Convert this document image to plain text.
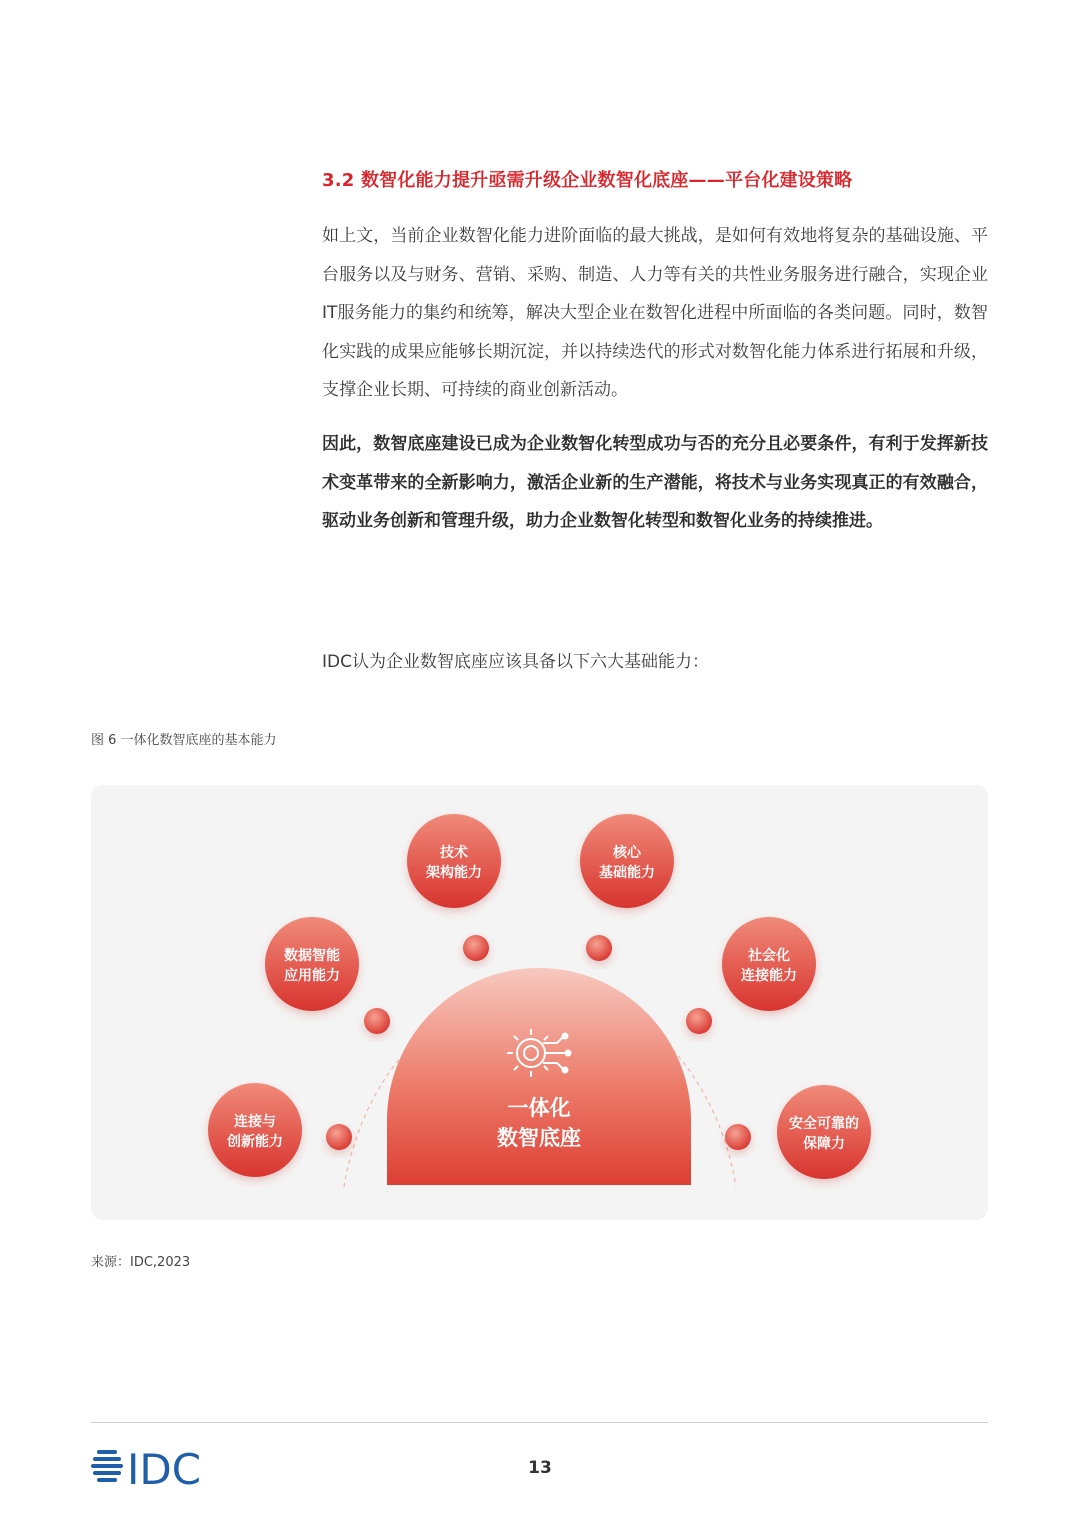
3.2 数智化能力提升亟需升级企业数智化底座——平台化建设策略

如上文，当前企业数智化能力进阶面临的最大挑战，是如何有效地将复杂的基础设施、平台服务以及与财务、营销、采购、制造、人力等有关的共性业务服务进行融合，实现企业IT服务能力的集约和统筹，解决大型企业在数智化进程中所面临的各类问题。同时，数智化实践的成果应能够长期沉淀，并以持续迭代的形式对数智化能力体系进行拓展和升级，支撑企业长期、可持续的商业创新活动。

因此，数智底座建设已成为企业数智化转型成功与否的充分且必要条件，有利于发挥新技术变革带来的全新影响力，激活企业新的生产潜能，将技术与业务实现真正的有效融合，驱动业务创新和管理升级，助力企业数智化转型和数智化业务的持续推进。

IDC认为企业数智底座应该具备以下六大基础能力：

图 6 一体化数智底座的基本能力
一体化
数智底座
技术
架构能力
核心
基础能力
数据智能
应用能力
社会化
连接能力
连接与
创新能力
安全可靠的
保障力
来源：IDC,2023
IDC	13
